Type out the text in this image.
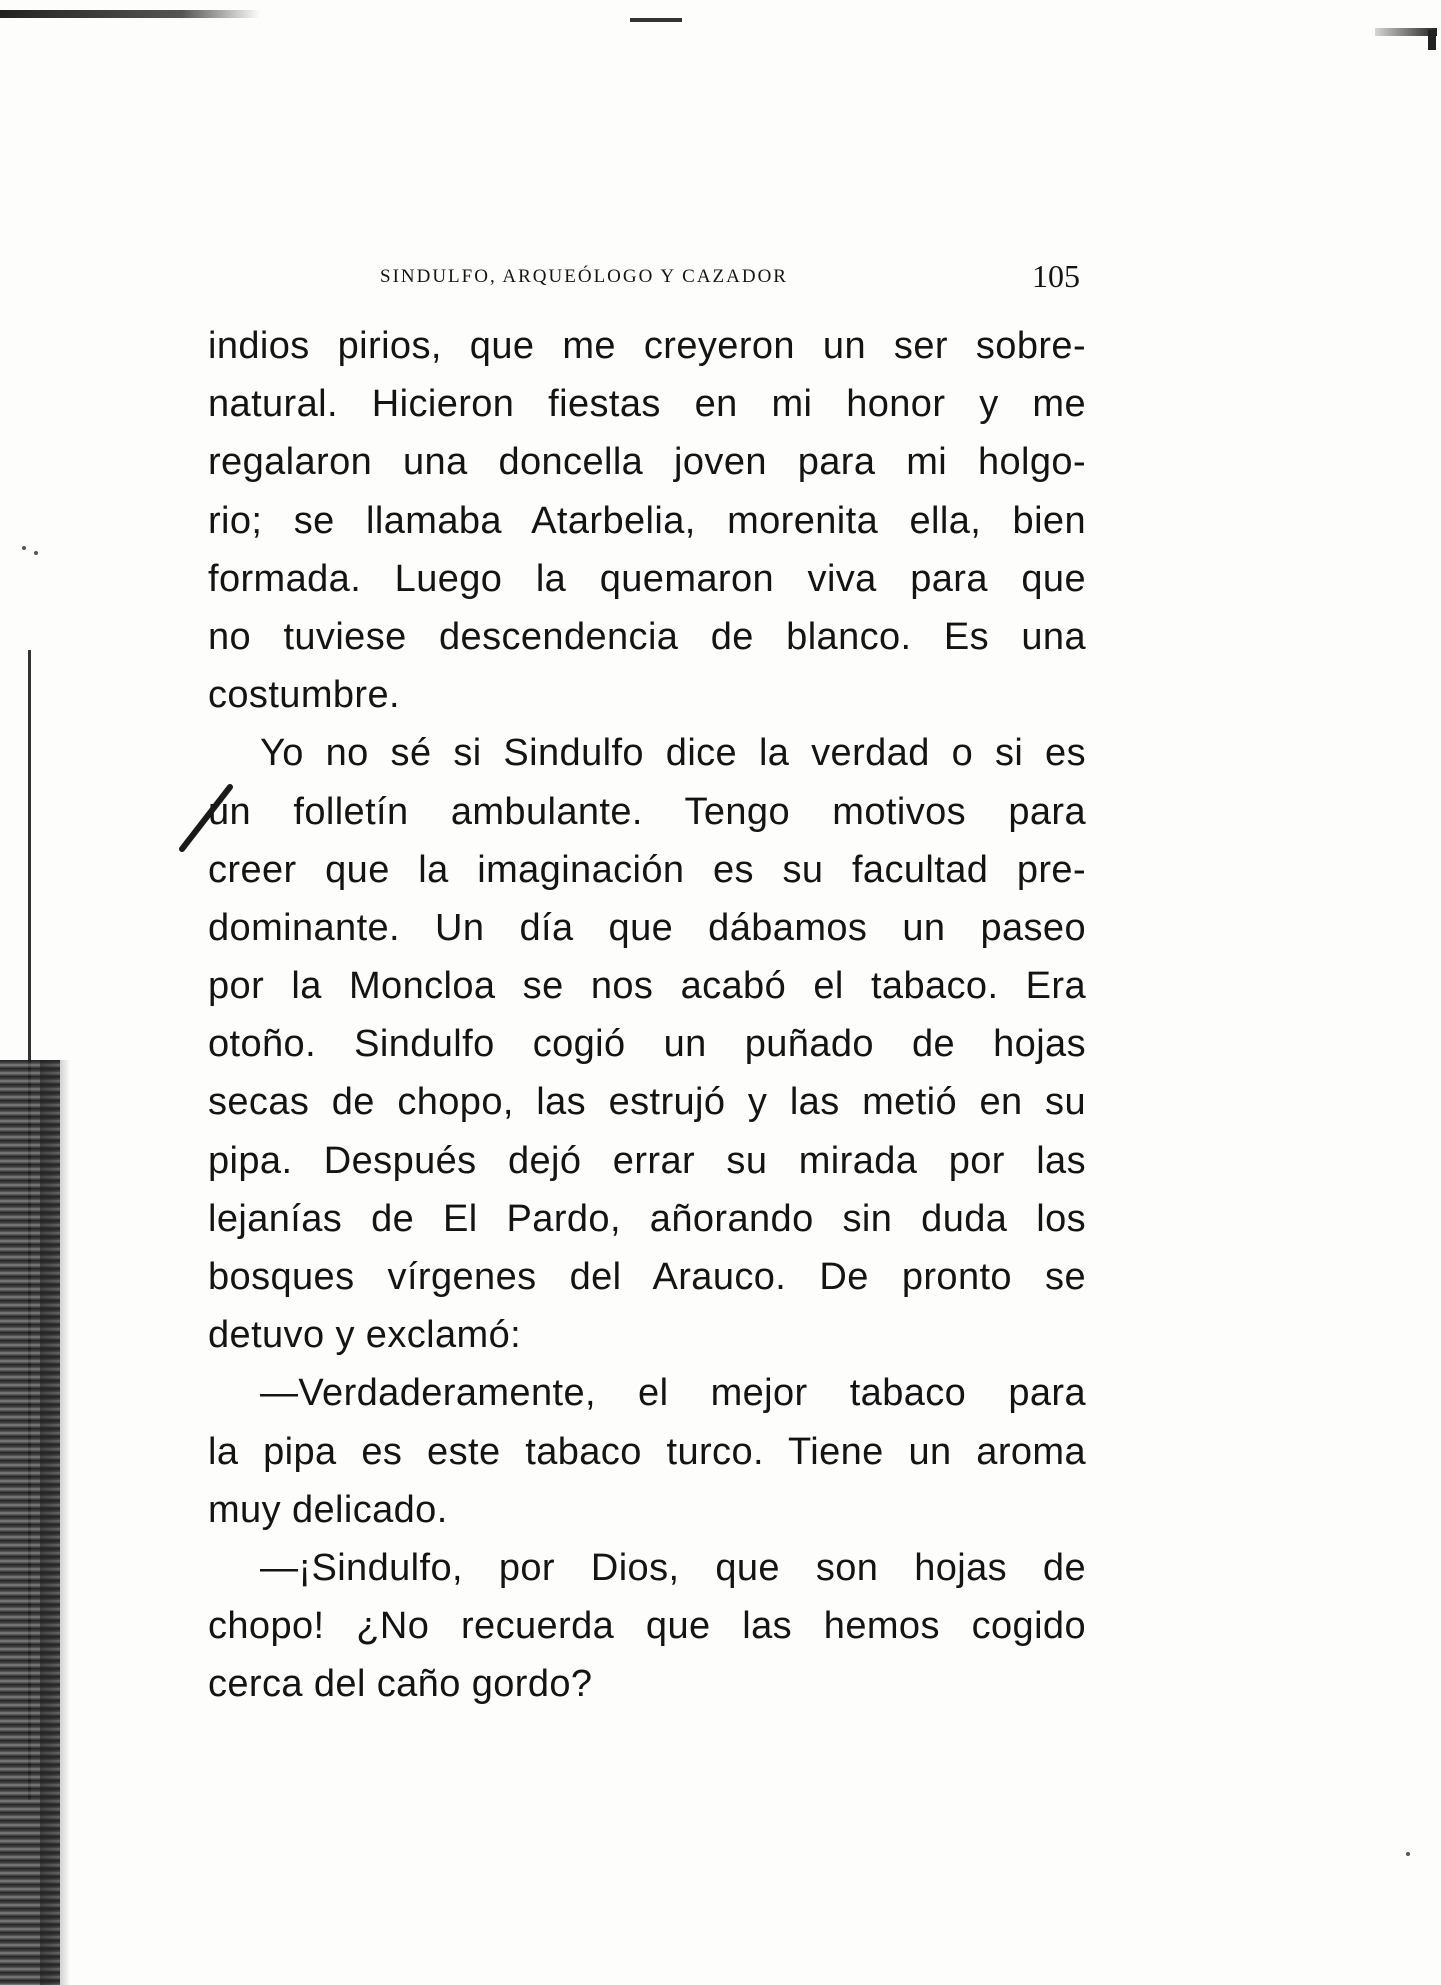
SINDULFO, ARQUEÓLOGO Y CAZADOR	105
indios pirios, que me creyeron un ser sobre-
natural. Hicieron fiestas en mi honor y me
regalaron una doncella joven para mi holgo-
rio; se llamaba Atarbelia, morenita ella, bien
formada. Luego la quemaron viva para que
no tuviese descendencia de blanco. Es una
costumbre.
Yo no sé si Sindulfo dice la verdad o si es
un folletín ambulante. Tengo motivos para
creer que la imaginación es su facultad pre-
dominante. Un día que dábamos un paseo
por la Moncloa se nos acabó el tabaco. Era
otoño. Sindulfo cogió un puñado de hojas
secas de chopo, las estrujó y las metió en su
pipa. Después dejó errar su mirada por las
lejanías de El Pardo, añorando sin duda los
bosques vírgenes del Arauco. De pronto se
detuvo y exclamó:
—Verdaderamente, el mejor tabaco para
la pipa es este tabaco turco. Tiene un aroma
muy delicado.
—¡Sindulfo, por Dios, que son hojas de
chopo! ¿No recuerda que las hemos cogido
cerca del caño gordo?
